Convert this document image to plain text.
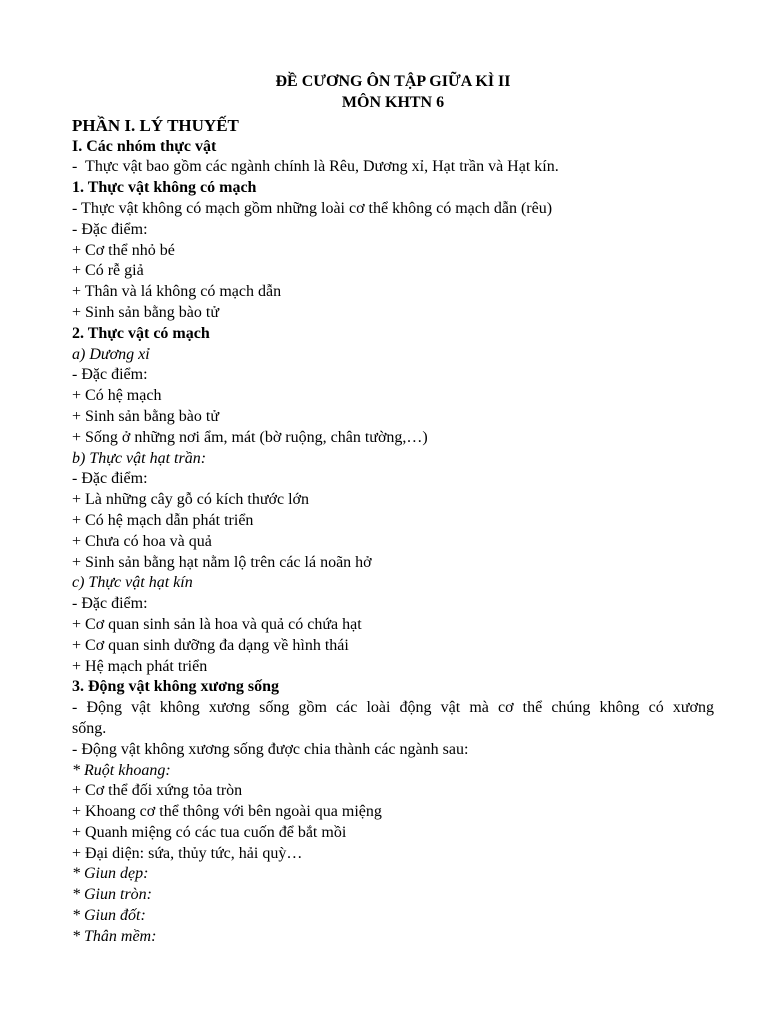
ĐỀ CƯƠNG ÔN TẬP GIỮA KÌ II

MÔN KHTN 6

PHẦN I. LÝ THUYẾT

I. Các nhóm thực vật

-  Thực vật bao gồm các ngành chính là Rêu, Dương xỉ, Hạt trần và Hạt kín.

1. Thực vật không có mạch

- Thực vật không có mạch gồm những loài cơ thể không có mạch dẫn (rêu)

- Đặc điểm:

+ Cơ thể nhỏ bé

+ Có rễ giả

+ Thân và lá không có mạch dẫn

+ Sinh sản bằng bào tử

2. Thực vật có mạch

a) Dương xỉ

- Đặc điểm:

+ Có hệ mạch

+ Sinh sản bằng bào tử

+ Sống ở những nơi ẩm, mát (bờ ruộng, chân tường,…)

b) Thực vật hạt trần:

- Đặc điểm:

+ Là những cây gỗ có kích thước lớn

+ Có hệ mạch dẫn phát triển

+ Chưa có hoa và quả

+ Sinh sản bằng hạt nằm lộ trên các lá noãn hở

c) Thực vật hạt kín

- Đặc điểm:

+ Cơ quan sinh sản là hoa và quả có chứa hạt

+ Cơ quan sinh dưỡng đa dạng về hình thái

+ Hệ mạch phát triển

3. Động vật không xương sống

- Động vật không xương sống gồm các loài động vật mà cơ thể chúng không có xương

sống.

- Động vật không xương sống được chia thành các ngành sau:

* Ruột khoang:

+ Cơ thể đối xứng tỏa tròn

+ Khoang cơ thể thông với bên ngoài qua miệng

+ Quanh miệng có các tua cuốn để bắt mồi

+ Đại diện: sứa, thủy tức, hải quỳ…

* Giun dẹp:

* Giun tròn:

* Giun đốt:

* Thân mềm:
